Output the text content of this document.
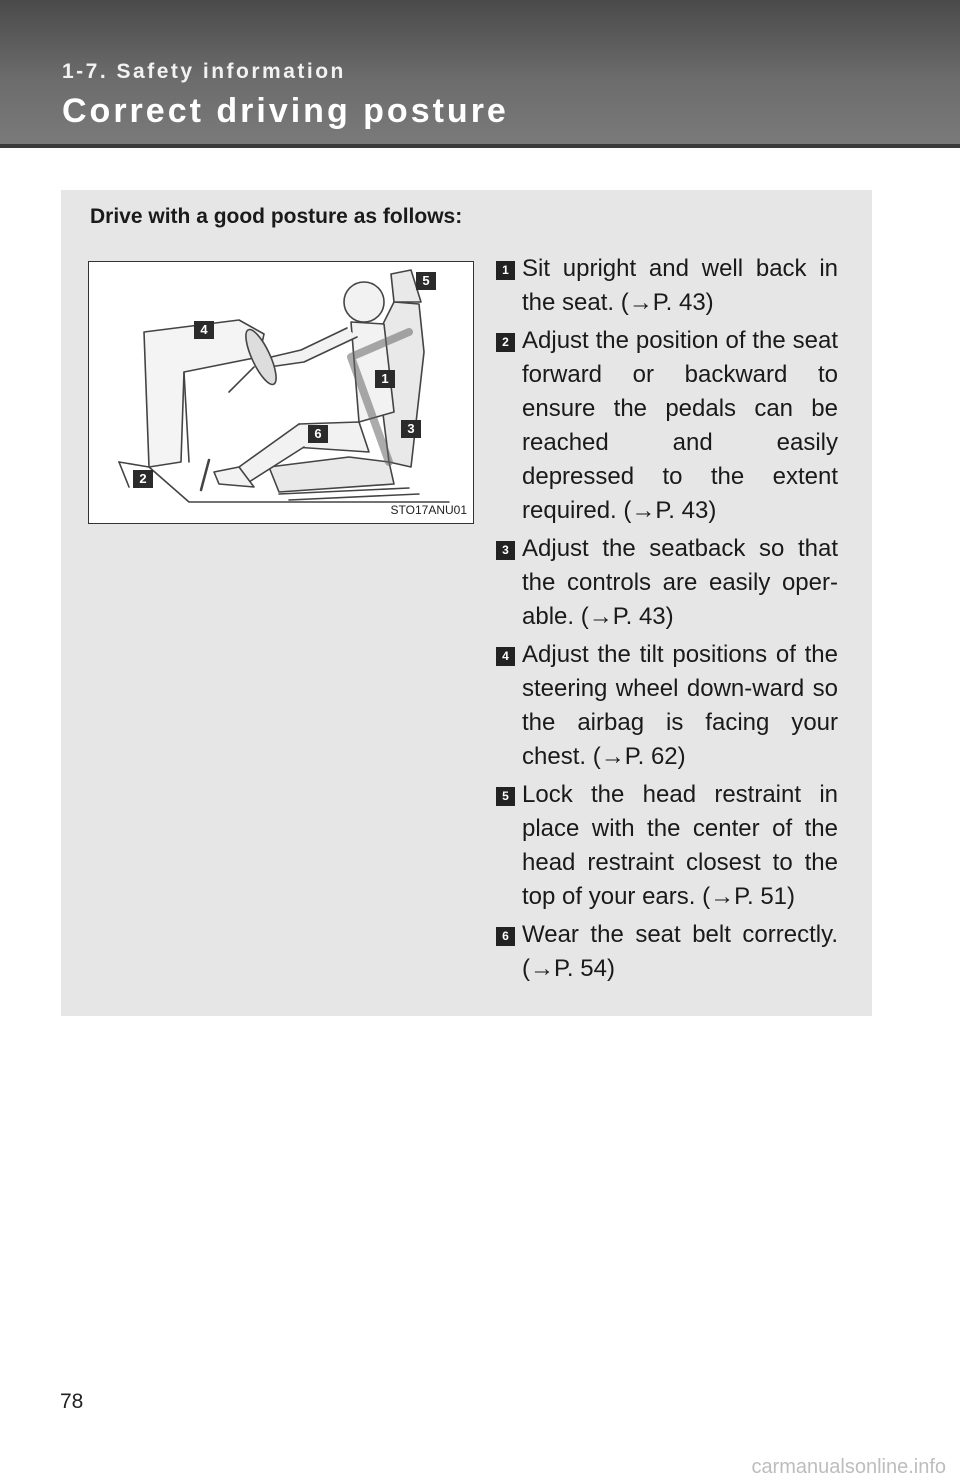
1-7. Safety information
Correct driving posture
Drive with a good posture as follows:
4
5
1
3
6
2
STO17ANU01
1 Sit upright and well back in the seat. (→P. 43)
2 Adjust the position of the seat forward or backward to ensure the pedals can be reached and easily depressed to the extent required. (→P. 43)
3 Adjust the seatback so that the controls are easily oper-able. (→P. 43)
4 Adjust the tilt positions of the steering wheel down-ward so the airbag is facing your chest. (→P. 62)
5 Lock the head restraint in place with the center of the head restraint closest to the top of your ears. (→P. 51)
6 Wear the seat belt correctly. (→P. 54)
78
carmanualsonline.info
